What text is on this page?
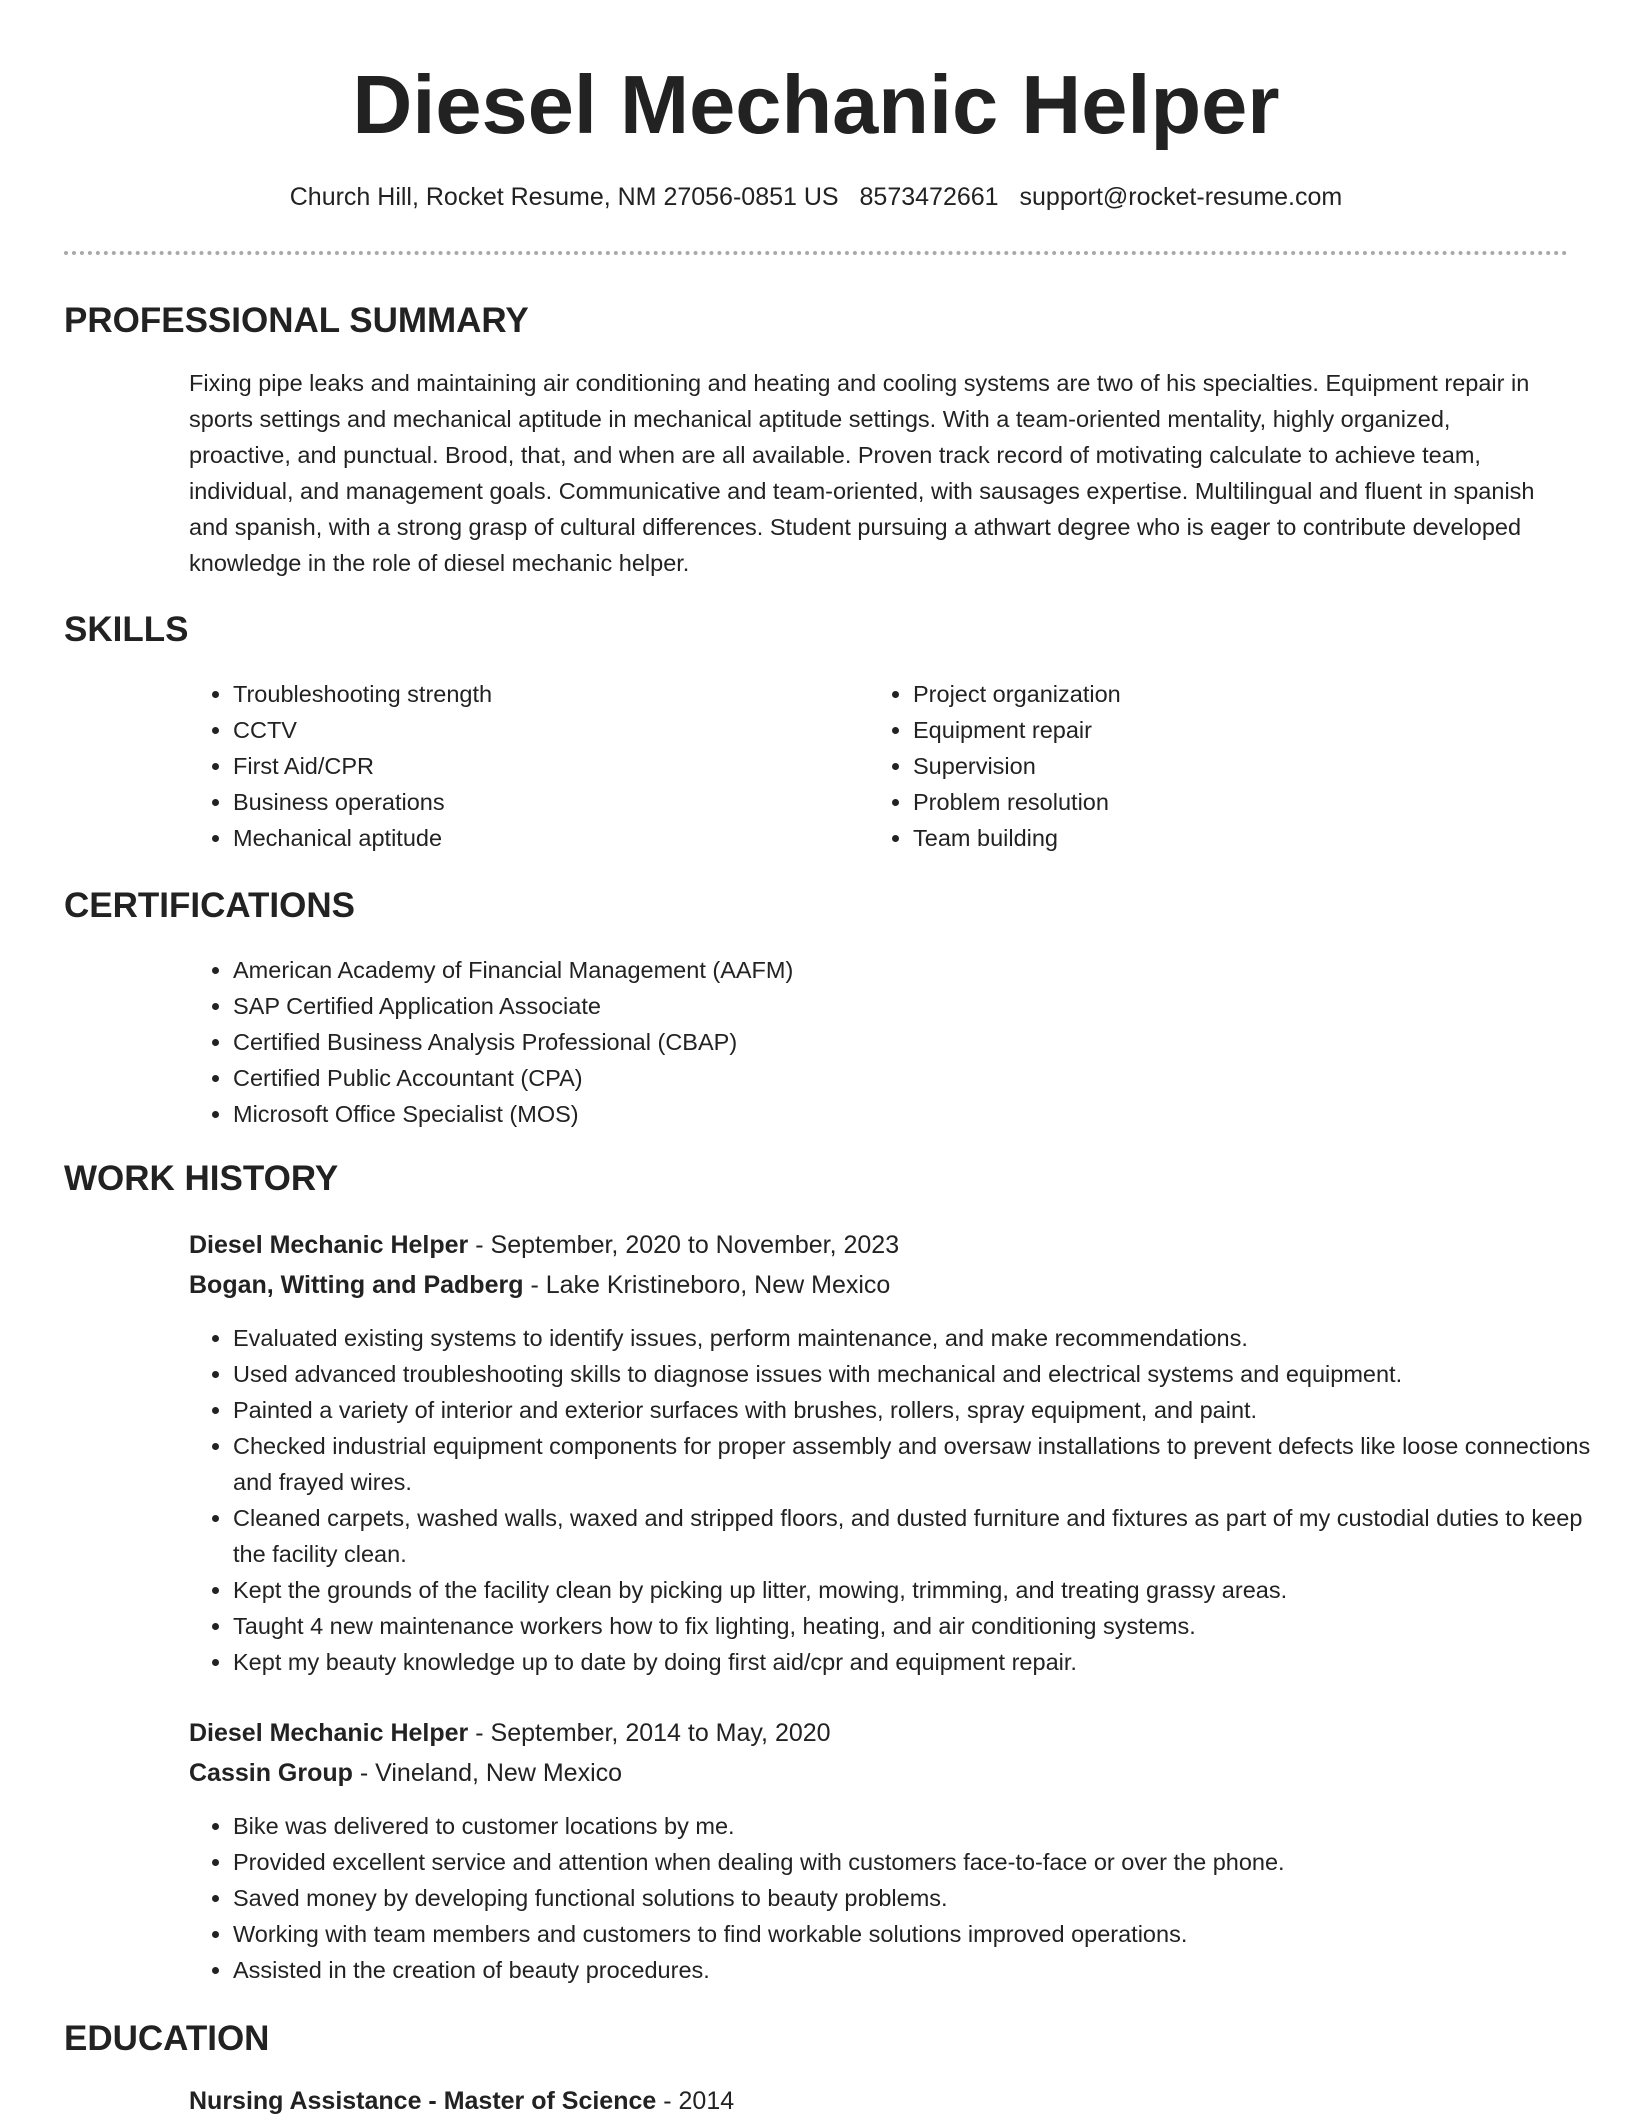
Diesel Mechanic Helper
Church Hill, Rocket Resume, NM 27056-0851 US 8573472661 support@rocket-resume.com
PROFESSIONAL SUMMARY

Fixing pipe leaks and maintaining air conditioning and heating and cooling systems are two of his specialties. Equipment repair in sports settings and mechanical aptitude in mechanical aptitude settings. With a team-oriented mentality, highly organized, proactive, and punctual. Brood, that, and when are all available. Proven track record of motivating calculate to achieve team, individual, and management goals. Communicative and team-oriented, with sausages expertise. Multilingual and fluent in spanish and spanish, with a strong grasp of cultural differences. Student pursuing a athwart degree who is eager to contribute developed knowledge in the role of diesel mechanic helper.

SKILLS
• Troubleshooting strength
• CCTV
• First Aid/CPR
• Business operations
• Mechanical aptitude
• Project organization
• Equipment repair
• Supervision
• Problem resolution
• Team building
CERTIFICATIONS
• American Academy of Financial Management (AAFM)
• SAP Certified Application Associate
• Certified Business Analysis Professional (CBAP)
• Certified Public Accountant (CPA)
• Microsoft Office Specialist (MOS)
WORK HISTORY
Diesel Mechanic Helper - September, 2020 to November, 2023
Bogan, Witting and Padberg - Lake Kristineboro, New Mexico
• Evaluated existing systems to identify issues, perform maintenance, and make recommendations.
• Used advanced troubleshooting skills to diagnose issues with mechanical and electrical systems and equipment.
• Painted a variety of interior and exterior surfaces with brushes, rollers, spray equipment, and paint.
• Checked industrial equipment components for proper assembly and oversaw installations to prevent defects like loose connections and frayed wires.
• Cleaned carpets, washed walls, waxed and stripped floors, and dusted furniture and fixtures as part of my custodial duties to keep the facility clean.
• Kept the grounds of the facility clean by picking up litter, mowing, trimming, and treating grassy areas.
• Taught 4 new maintenance workers how to fix lighting, heating, and air conditioning systems.
• Kept my beauty knowledge up to date by doing first aid/cpr and equipment repair.
Diesel Mechanic Helper - September, 2014 to May, 2020
Cassin Group - Vineland, New Mexico
• Bike was delivered to customer locations by me.
• Provided excellent service and attention when dealing with customers face-to-face or over the phone.
• Saved money by developing functional solutions to beauty problems.
• Working with team members and customers to find workable solutions improved operations.
• Assisted in the creation of beauty procedures.
EDUCATION
Nursing Assistance - Master of Science - 2014
